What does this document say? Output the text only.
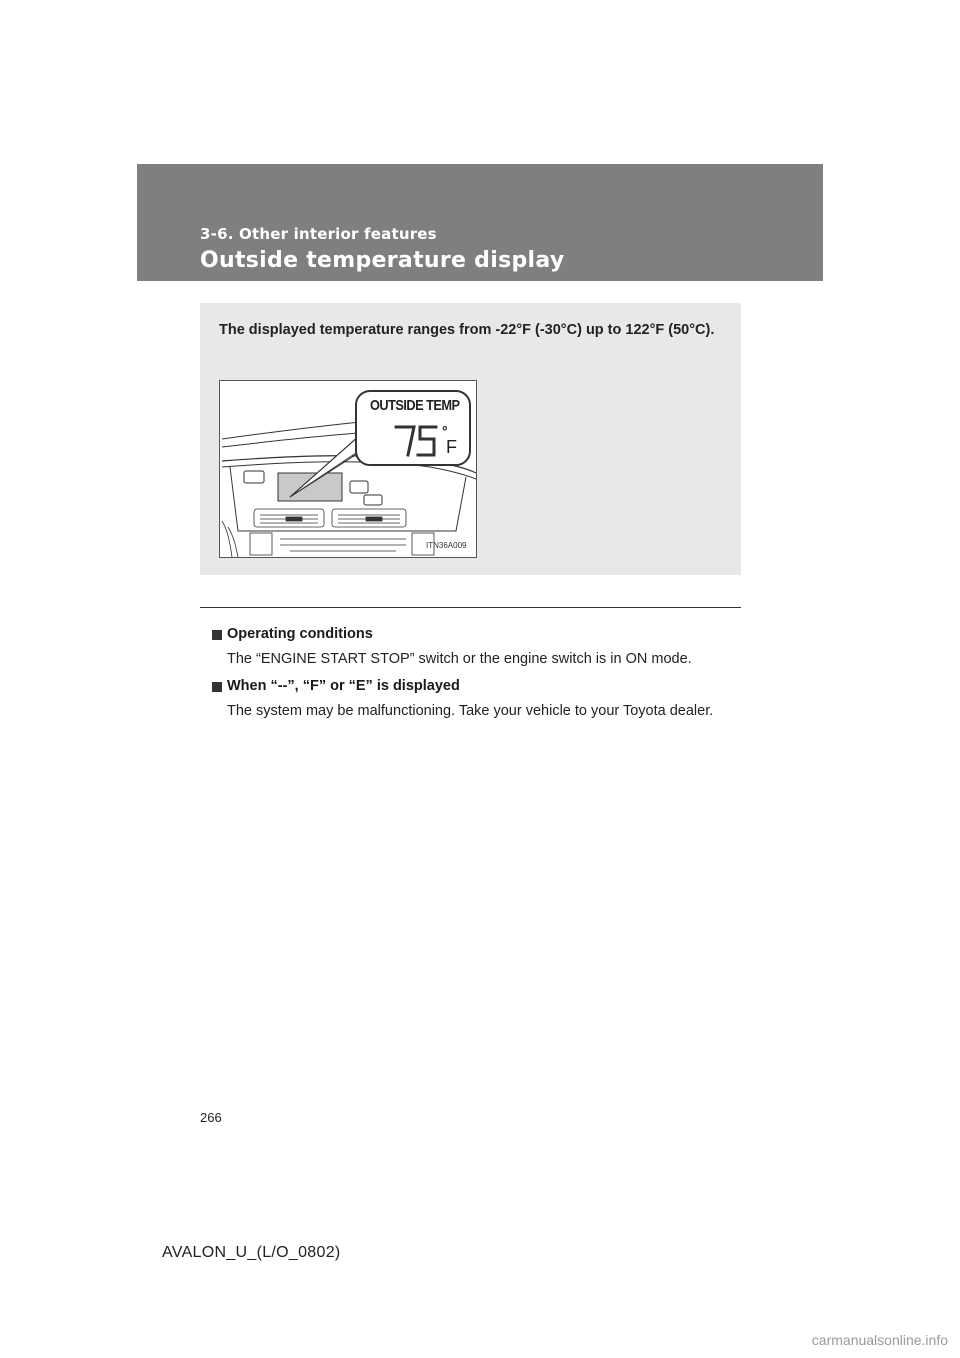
3-6. Other interior features
Outside temperature display
The displayed temperature ranges from -22°F (-30°C) up to 122°F (50°C).
OUTSIDE TEMP
°
F
ITN36A009
Operating conditions
The “ENGINE START STOP” switch or the engine switch is in ON mode.
When “--”, “F” or “E” is displayed
The system may be malfunctioning. Take your vehicle to your Toyota dealer.
266
AVALON_U_(L/O_0802)
carmanualsonline.info
